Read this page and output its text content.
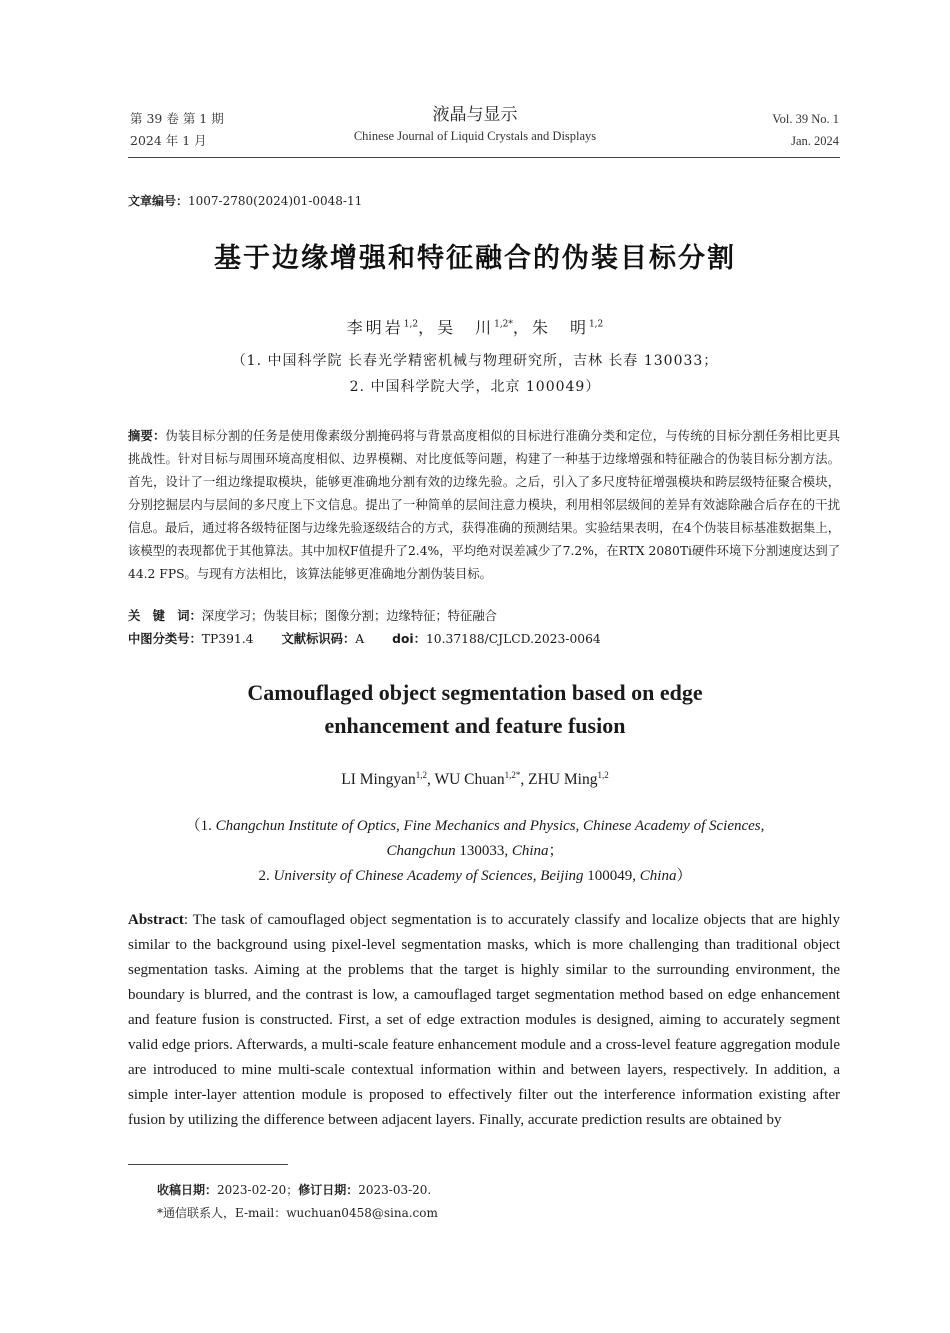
第 39 卷 第 1 期
2024 年 1 月
液晶与显示
Chinese Journal of Liquid Crystals and Displays
Vol. 39 No. 1
Jan. 2024
文章编号：1007-2780(2024)01-0048-11
基于边缘增强和特征融合的伪装目标分割
李明岩$^{1,2}$，吴　川$^{1,2*}$，朱　明$^{1,2}$
（1. 中国科学院 长春光学精密机械与物理研究所，吉林 长春 130033；
2. 中国科学院大学，北京 100049）
摘要：伪装目标分割的任务是使用像素级分割掩码将与背景高度相似的目标进行准确分类和定位，与传统的目标分割任务相比更具挑战性。针对目标与周围环境高度相似、边界模糊、对比度低等问题，构建了一种基于边缘增强和特征融合的伪装目标分割方法。首先，设计了一组边缘提取模块，能够更准确地分割有效的边缘先验。之后，引入了多尺度特征增强模块和跨层级特征聚合模块，分别挖掘层内与层间的多尺度上下文信息。提出了一种简单的层间注意力模块，利用相邻层级间的差异有效滤除融合后存在的干扰信息。最后，通过将各级特征图与边缘先验逐级结合的方式，获得准确的预测结果。实验结果表明，在4个伪装目标基准数据集上，该模型的表现都优于其他算法。其中加权F值提升了2.4%，平均绝对误差减少了7.2%，在RTX 2080Ti硬件环境下分割速度达到了44.2 FPS。与现有方法相比，该算法能够更准确地分割伪装目标。
关　键　词：深度学习；伪装目标；图像分割；边缘特征；特征融合
中图分类号：TP391.4 文献标识码：A doi：10.37188/CJLCD.2023-0064
Camouflaged object segmentation based on edge
enhancement and feature fusion
LI Mingyan$^{1,2}$, WU Chuan$^{1,2*}$, ZHU Ming$^{1,2}$
（1. Changchun Institute of Optics, Fine Mechanics and Physics, Chinese Academy of Sciences,
Changchun 130033, China；
2. University of Chinese Academy of Sciences, Beijing 100049, China）
Abstract: The task of camouflaged object segmentation is to accurately classify and localize objects that are highly similar to the background using pixel-level segmentation masks, which is more challenging than traditional object segmentation tasks. Aiming at the problems that the target is highly similar to the surrounding environment, the boundary is blurred, and the contrast is low, a camouflaged target segmentation method based on edge enhancement and feature fusion is constructed. First, a set of edge extraction modules is designed, aiming to accurately segment valid edge priors. Afterwards, a multi-scale feature enhancement module and a cross-level feature aggregation module are introduced to mine multi-scale contextual information within and between layers, respectively. In addition, a simple inter-layer attention module is proposed to effectively filter out the interference information existing after fusion by utilizing the difference between adjacent layers. Finally, accurate prediction results are obtained by
收稿日期：2023-02-20；修订日期：2023-03-20.
*通信联系人，E-mail：wuchuan0458@sina.com
